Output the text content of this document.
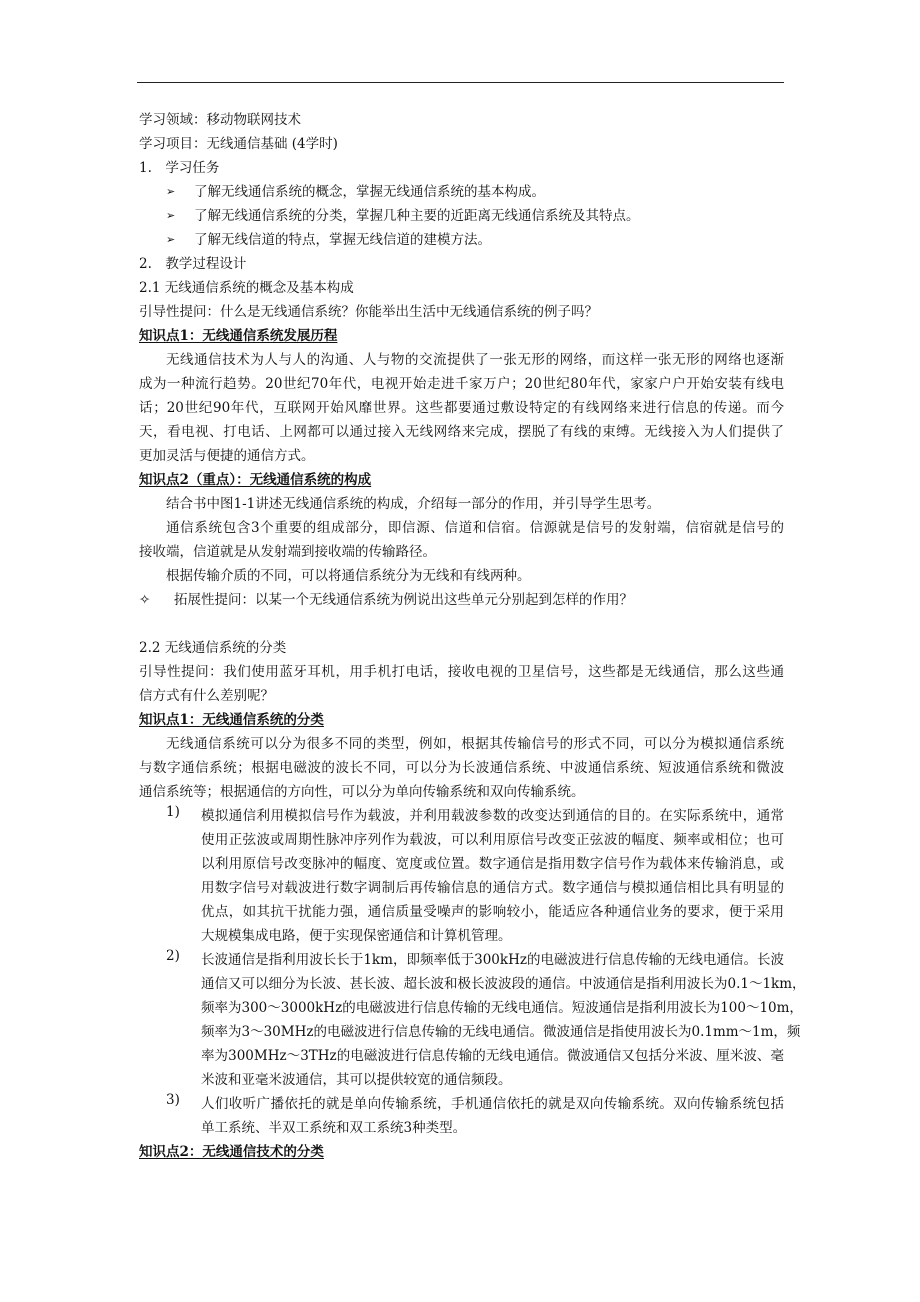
学习领域：移动物联网技术
学习项目：无线通信基础 (4学时)
1.　学习任务
➢ 了解无线通信系统的概念，掌握无线通信系统的基本构成。
➢ 了解无线通信系统的分类，掌握几种主要的近距离无线通信系统及其特点。
➢ 了解无线信道的特点，掌握无线信道的建模方法。
2.　教学过程设计
2.1 无线通信系统的概念及基本构成
引导性提问：什么是无线通信系统？你能举出生活中无线通信系统的例子吗？
知识点1：无线通信系统发展历程
无线通信技术为人与人的沟通、人与物的交流提供了一张无形的网络，而这样一张无形的网络也逐渐
成为一种流行趋势。20世纪70年代，电视开始走进千家万户；20世纪80年代，家家户户开始安装有线电
话；20世纪90年代，互联网开始风靡世界。这些都要通过敷设特定的有线网络来进行信息的传递。而今
天，看电视、打电话、上网都可以通过接入无线网络来完成，摆脱了有线的束缚。无线接入为人们提供了
更加灵活与便捷的通信方式。
知识点2（重点）：无线通信系统的构成
结合书中图1-1讲述无线通信系统的构成，介绍每一部分的作用，并引导学生思考。
通信系统包含3个重要的组成部分，即信源、信道和信宿。信源就是信号的发射端，信宿就是信号的
接收端，信道就是从发射端到接收端的传输路径。
根据传输介质的不同，可以将通信系统分为无线和有线两种。
✧ 拓展性提问：以某一个无线通信系统为例说出这些单元分别起到怎样的作用？
2.2 无线通信系统的分类
引导性提问：我们使用蓝牙耳机，用手机打电话，接收电视的卫星信号，这些都是无线通信，那么这些通
信方式有什么差别呢？
知识点1：无线通信系统的分类
无线通信系统可以分为很多不同的类型，例如，根据其传输信号的形式不同，可以分为模拟通信系统
与数字通信系统；根据电磁波的波长不同，可以分为长波通信系统、中波通信系统、短波通信系统和微波
通信系统等；根据通信的方向性，可以分为单向传输系统和双向传输系统。
1) 模拟通信利用模拟信号作为载波，并利用载波参数的改变达到通信的目的。在实际系统中，通常
使用正弦波或周期性脉冲序列作为载波，可以利用原信号改变正弦波的幅度、频率或相位；也可
以利用原信号改变脉冲的幅度、宽度或位置。数字通信是指用数字信号作为载体来传输消息，或
用数字信号对载波进行数字调制后再传输信息的通信方式。数字通信与模拟通信相比具有明显的
优点，如其抗干扰能力强，通信质量受噪声的影响较小，能适应各种通信业务的要求，便于采用
大规模集成电路，便于实现保密通信和计算机管理。
2) 长波通信是指利用波长长于1km，即频率低于300kHz的电磁波进行信息传输的无线电通信。长波
通信又可以细分为长波、甚长波、超长波和极长波波段的通信。中波通信是指利用波长为0.1～1km，
频率为300～3000kHz的电磁波进行信息传输的无线电通信。短波通信是指利用波长为100～10m，
频率为3～30MHz的电磁波进行信息传输的无线电通信。微波通信是指使用波长为0.1mm～1m，频
率为300MHz～3THz的电磁波进行信息传输的无线电通信。微波通信又包括分米波、厘米波、毫
米波和亚毫米波通信，其可以提供较宽的通信频段。
3) 人们收听广播依托的就是单向传输系统，手机通信依托的就是双向传输系统。双向传输系统包括
单工系统、半双工系统和双工系统3种类型。
知识点2：无线通信技术的分类
